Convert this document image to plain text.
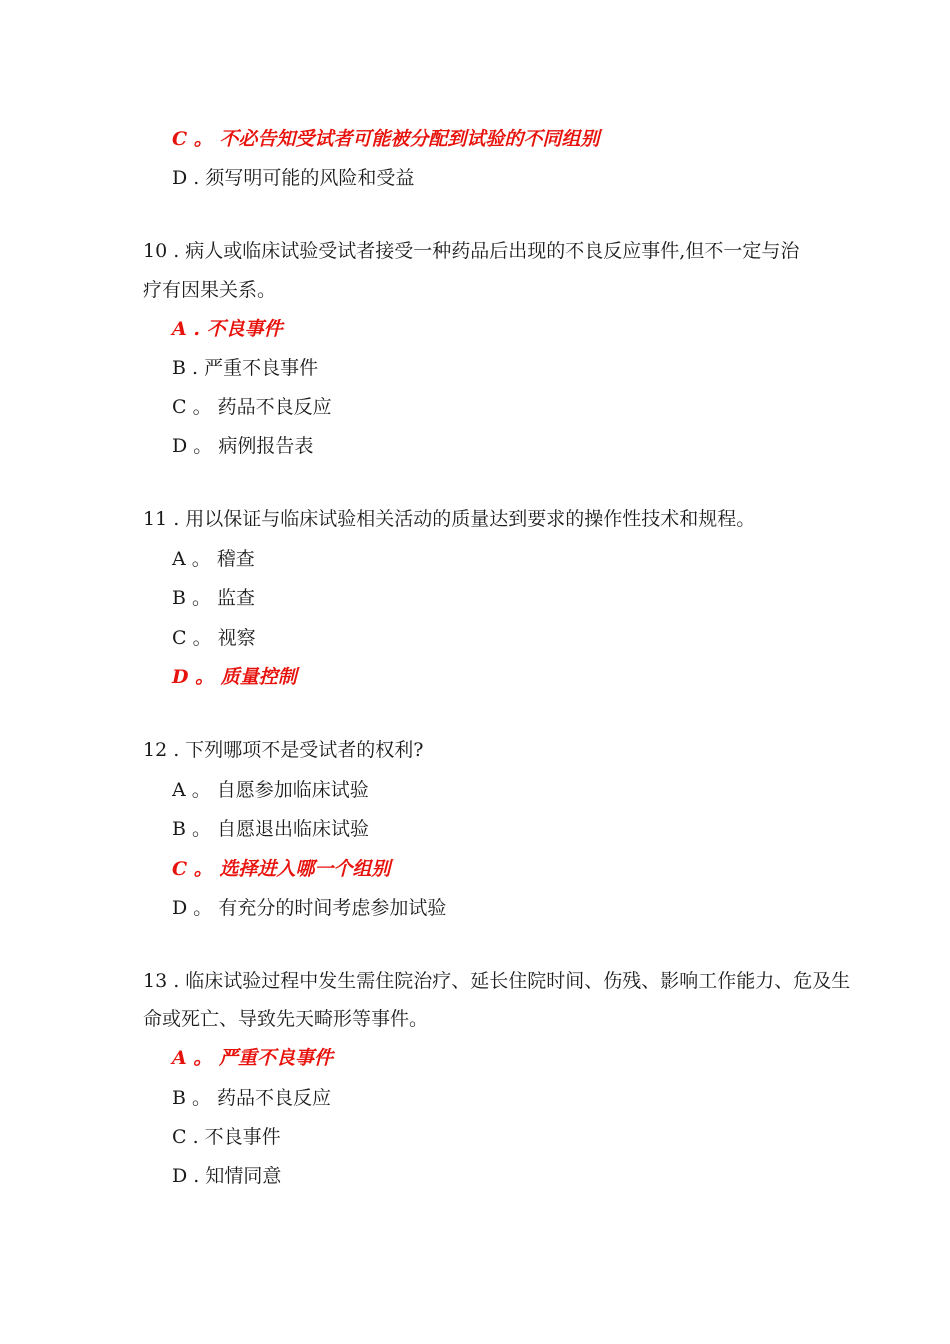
C 。 不必告知受试者可能被分配到试验的不同组别
D . 须写明可能的风险和受益
10 . 病人或临床试验受试者接受一种药品后出现的不良反应事件,但不一定与治
疗有因果关系。
A . 不良事件
B . 严重不良事件
C 。 药品不良反应
D 。 病例报告表
11 . 用以保证与临床试验相关活动的质量达到要求的操作性技术和规程。
A 。 稽查
B 。 监查
C 。 视察
D 。 质量控制
12 . 下列哪项不是受试者的权利?
A 。 自愿参加临床试验
B 。 自愿退出临床试验
C 。 选择进入哪一个组别
D 。 有充分的时间考虑参加试验
13 . 临床试验过程中发生需住院治疗、延长住院时间、伤残、影响工作能力、危及生
命或死亡、导致先天畸形等事件。
A 。 严重不良事件
B 。 药品不良反应
C . 不良事件
D . 知情同意
